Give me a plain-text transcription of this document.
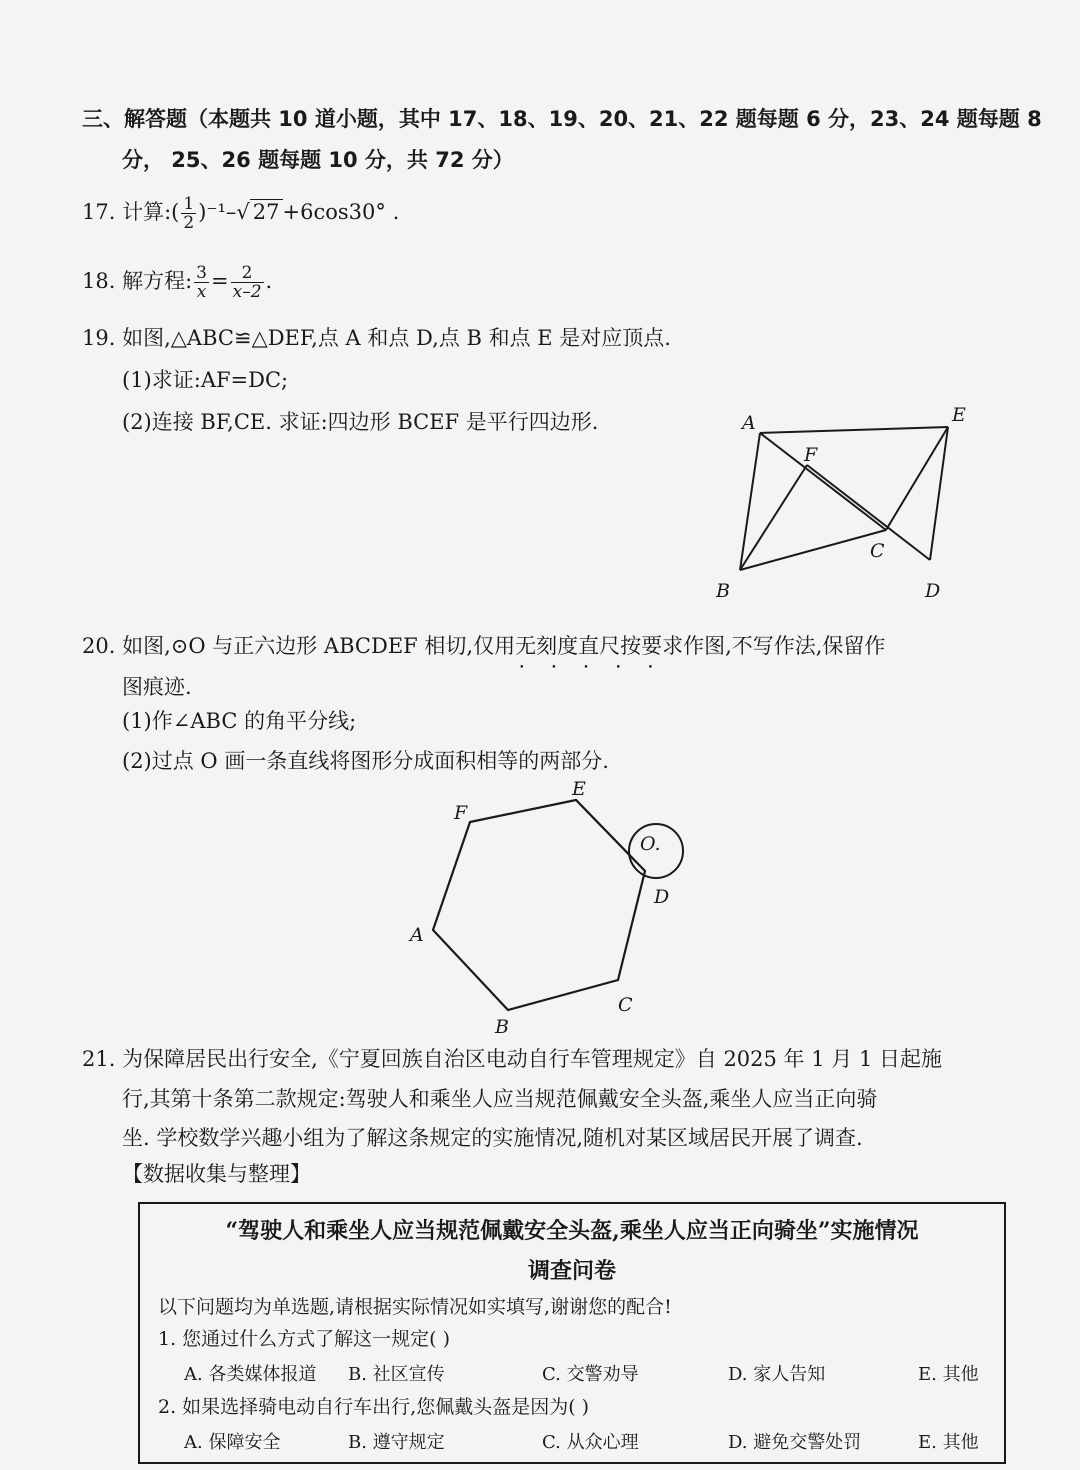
三、解答题（本题共 10 道小题，其中 17、18、19、20、21、22 题每题 6 分，23、24 题每题 8
分， 25、26 题每题 10 分，共 72 分）
17. 计算:( $\frac{1}{2} )^{-1}-√$ 27 +6cos30° .
18. 解方程: $\frac{3}{x} = \frac{2}{x-2}$ .
19. 如图,△ABC≌△DEF,点 A 和点 D,点 B 和点 E 是对应顶点.
(1)求证:AF=DC;
(2)连接 BF,CE. 求证:四边形 BCEF 是平行四边形.	A	E
F
C
B	D
20. 如图,⊙O 与正六边形 ABCDEF 相切,仅用无刻度直尺 • • •按要求作图,不写作法,保留作
图痕迹.
(1)作∠ABC 的角平分线;
(2)过点 O 画一条直线将图形分成面积相等的两部分.
F
E
O.
D
A
C
B
21. 为保障居民出行安全,《宁夏回族自治区电动自行车管理规定》自 2025 年 1 月 1 日起施
行,其第十条第二款规定:驾驶人和乘坐人应当规范佩戴安全头盔,乘坐人应当正向骑
坐. 学校数学兴趣小组为了解这条规定的实施情况,随机对某区域居民开展了调查.
【数据收集与整理】
“驾驶人和乘坐人应当规范佩戴安全头盔,乘坐人应当正向骑坐”实施情况
调查问卷
以下问题均为单选题,请根据实际情况如实填写,谢谢您的配合!
1. 您通过什么方式了解这一规定( )
A. 各类媒体报道 B. 社区宣传	C. 交警劝导	D. 家人告知	E. 其他
2. 如果选择骑电动自行车出行,您佩戴头盔是因为( )
A. 保障安全	B. 遵守规定	C. 从众心理	D. 避免交警处罚	E. 其他
